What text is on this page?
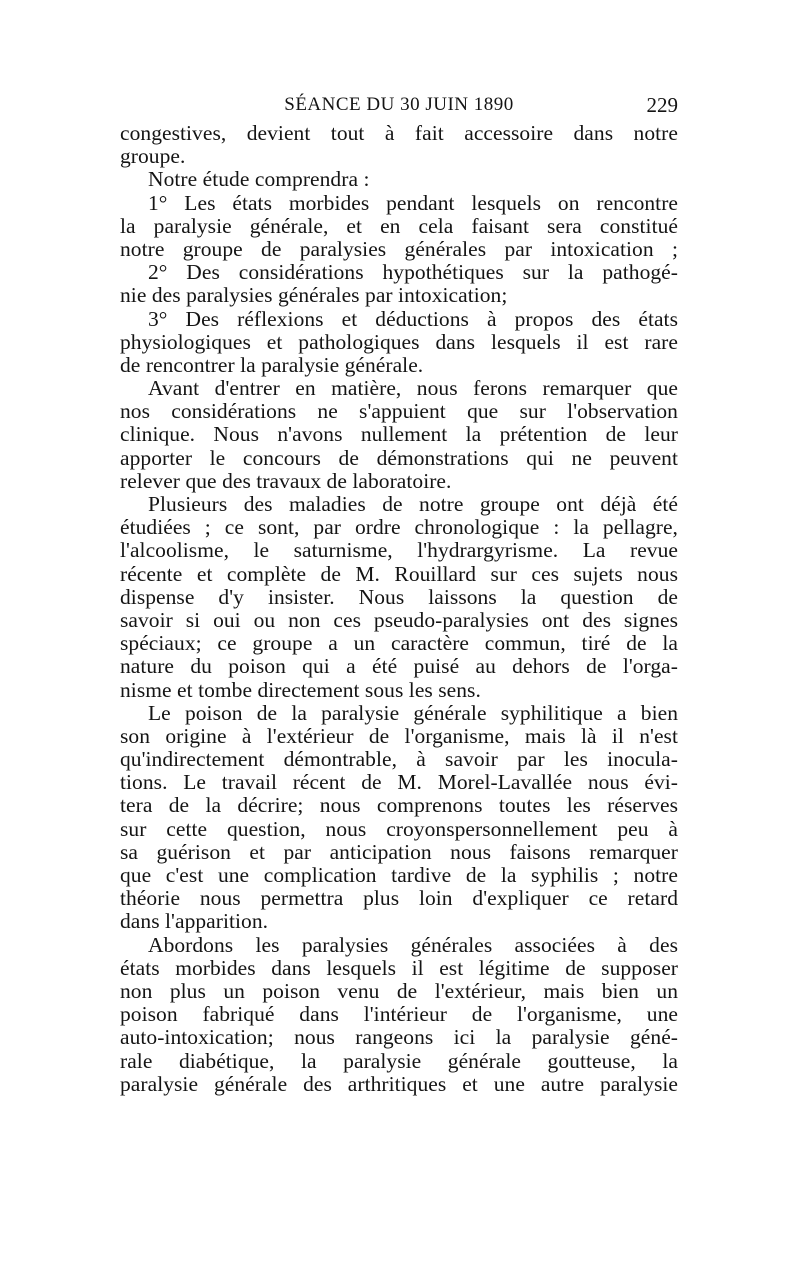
SÉANCE DU 30 JUIN 1890	229
congestives, devient tout à fait accessoire dans notre
groupe.
Notre étude comprendra :
1° Les états morbides pendant lesquels on rencontre
la paralysie générale, et en cela faisant sera constitué
notre groupe de paralysies générales par intoxication ;
2° Des considérations hypothétiques sur la pathogé-
nie des paralysies générales par intoxication;
3° Des réflexions et déductions à propos des états
physiologiques et pathologiques dans lesquels il est rare
de rencontrer la paralysie générale.
Avant d'entrer en matière, nous ferons remarquer que
nos considérations ne s'appuient que sur l'observation
clinique. Nous n'avons nullement la prétention de leur
apporter le concours de démonstrations qui ne peuvent
relever que des travaux de laboratoire.
Plusieurs des maladies de notre groupe ont déjà été
étudiées ; ce sont, par ordre chronologique : la pellagre,
l'alcoolisme, le saturnisme, l'hydrargyrisme. La revue
récente et complète de M. Rouillard sur ces sujets nous
dispense d'y insister. Nous laissons la question de
savoir si oui ou non ces pseudo-paralysies ont des signes
spéciaux; ce groupe a un caractère commun, tiré de la
nature du poison qui a été puisé au dehors de l'orga-
nisme et tombe directement sous les sens.
Le poison de la paralysie générale syphilitique a bien
son origine à l'extérieur de l'organisme, mais là il n'est
qu'indirectement démontrable, à savoir par les inocula-
tions. Le travail récent de M. Morel-Lavallée nous évi-
tera de la décrire; nous comprenons toutes les réserves
sur cette question, nous croyonspersonnellement peu à
sa guérison et par anticipation nous faisons remarquer
que c'est une complication tardive de la syphilis ; notre
théorie nous permettra plus loin d'expliquer ce retard
dans l'apparition.
Abordons les paralysies générales associées à des
états morbides dans lesquels il est légitime de supposer
non plus un poison venu de l'extérieur, mais bien un
poison fabriqué dans l'intérieur de l'organisme, une
auto-intoxication; nous rangeons ici la paralysie géné-
rale diabétique, la paralysie générale goutteuse, la
paralysie générale des arthritiques et une autre paralysie
